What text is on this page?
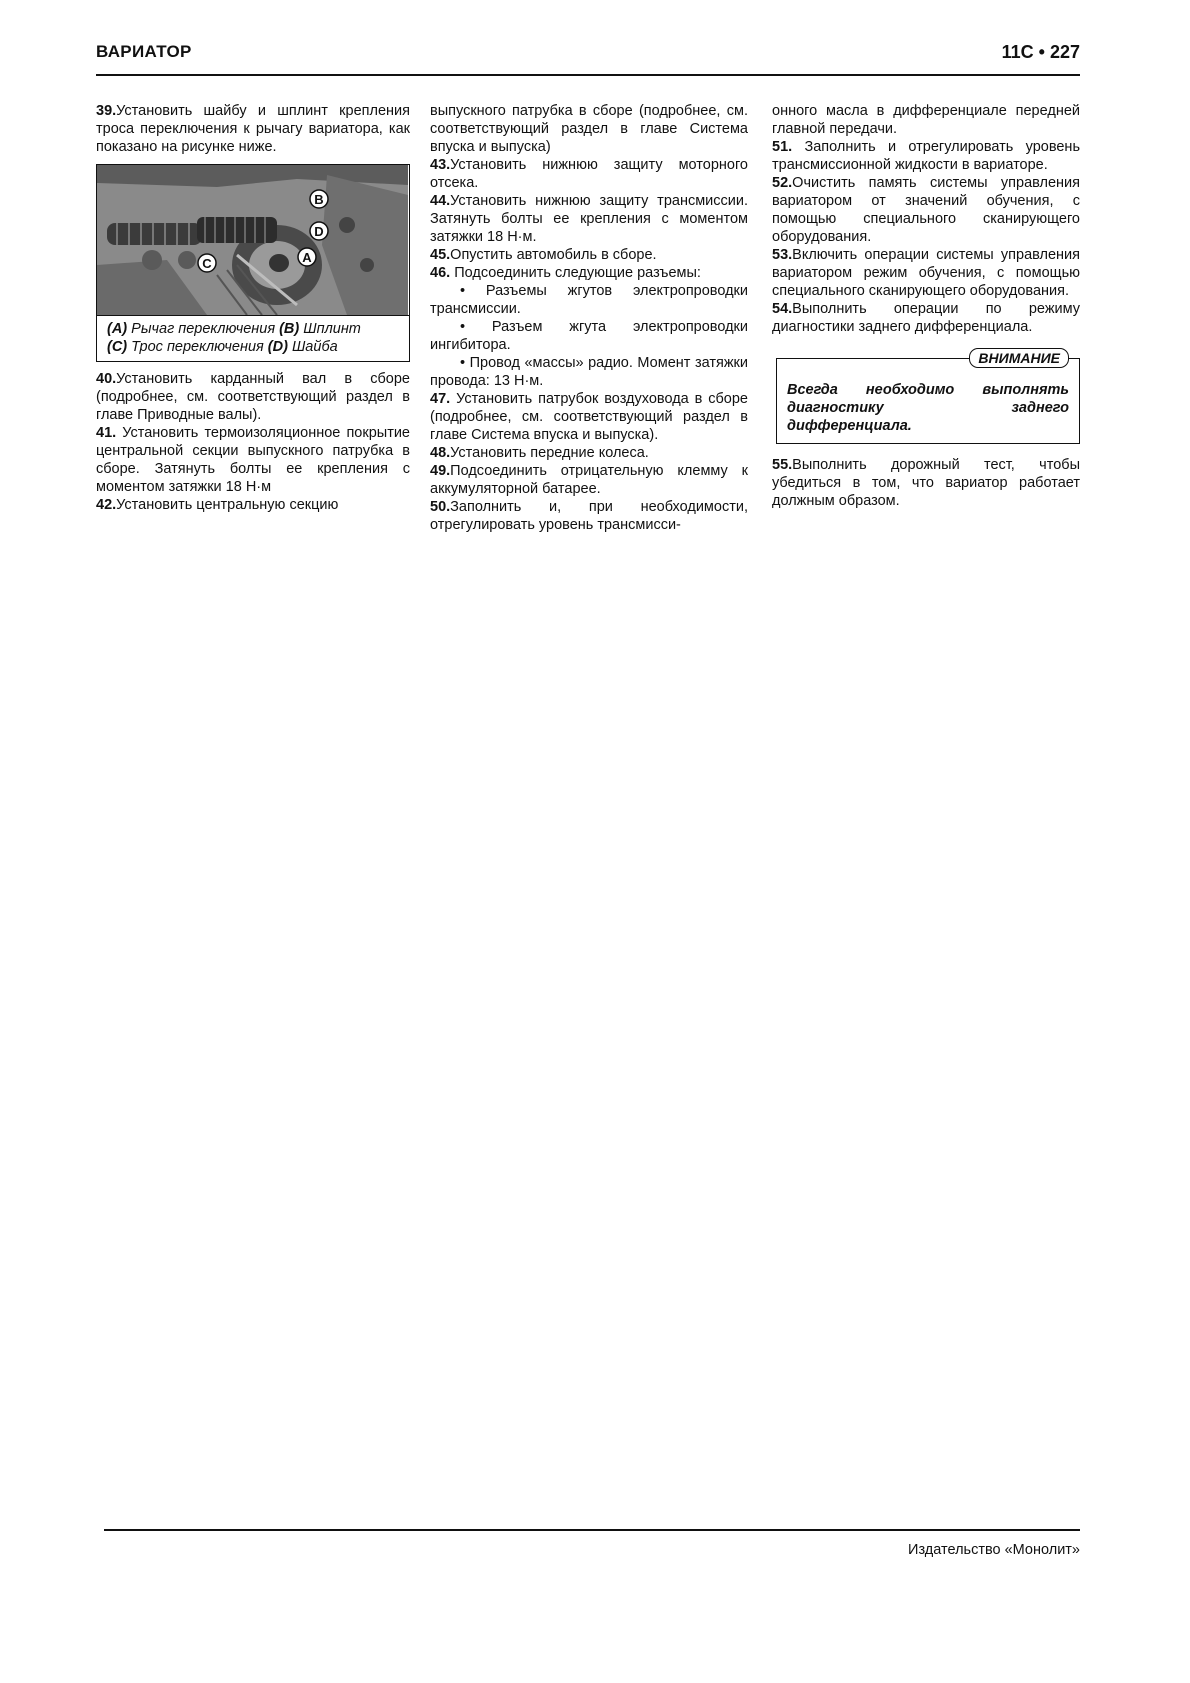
ВАРИАТОР	11С • 227

39.Установить шайбу и шплинт крепления троса переключения к рычагу вариатора, как показано на рисунке ниже.

B
D
A
C
(A) Рычаг переключения (B) Шплинт
(C) Трос переключения (D) Шайба

40.Установить карданный вал в сборе (подробнее, см. соответствующий раздел в главе Приводные валы).

41. Установить термоизоляционное покрытие центральной секции выпускного патрубка в сборе. Затянуть болты ее крепления с моментом затяжки 18 Н·м

42.Установить центральную секцию

выпускного патрубка в сборе (подробнее, см. соответствующий раздел в главе Система впуска и выпуска)

43.Установить нижнюю защиту моторного отсека.

44.Установить нижнюю защиту трансмиссии. Затянуть болты ее крепления с моментом затяжки 18 Н·м.

45.Опустить автомобиль в сборе.

46. Подсоединить следующие разъемы:

• Разъемы жгутов электропроводки трансмиссии.

• Разъем жгута электропроводки ингибитора.

• Провод «массы» радио. Момент затяжки провода: 13 Н·м.

47. Установить патрубок воздуховода в сборе (подробнее, см. соответствующий раздел в главе Система впуска и выпуска).

48.Установить передние колеса.

49.Подсоединить отрицательную клемму к аккумуляторной батарее.

50.Заполнить и, при необходимости, отрегулировать уровень трансмисси-

онного масла в дифференциале передней главной передачи.

51. Заполнить и отрегулировать уровень трансмиссионной жидкости в вариаторе.

52.Очистить память системы управления вариатором от значений обучения, с помощью специального сканирующего оборудования.

53.Включить операции системы управления вариатором режим обучения, с помощью специального сканирующего оборудования.

54.Выполнить операции по режиму диагностики заднего дифференциала.

ВНИМАНИЕ
Всегда необходимо выполнять диагностику заднего дифференциала.

55.Выполнить дорожный тест, чтобы убедиться в том, что вариатор работает должным образом.

Издательство «Монолит»
